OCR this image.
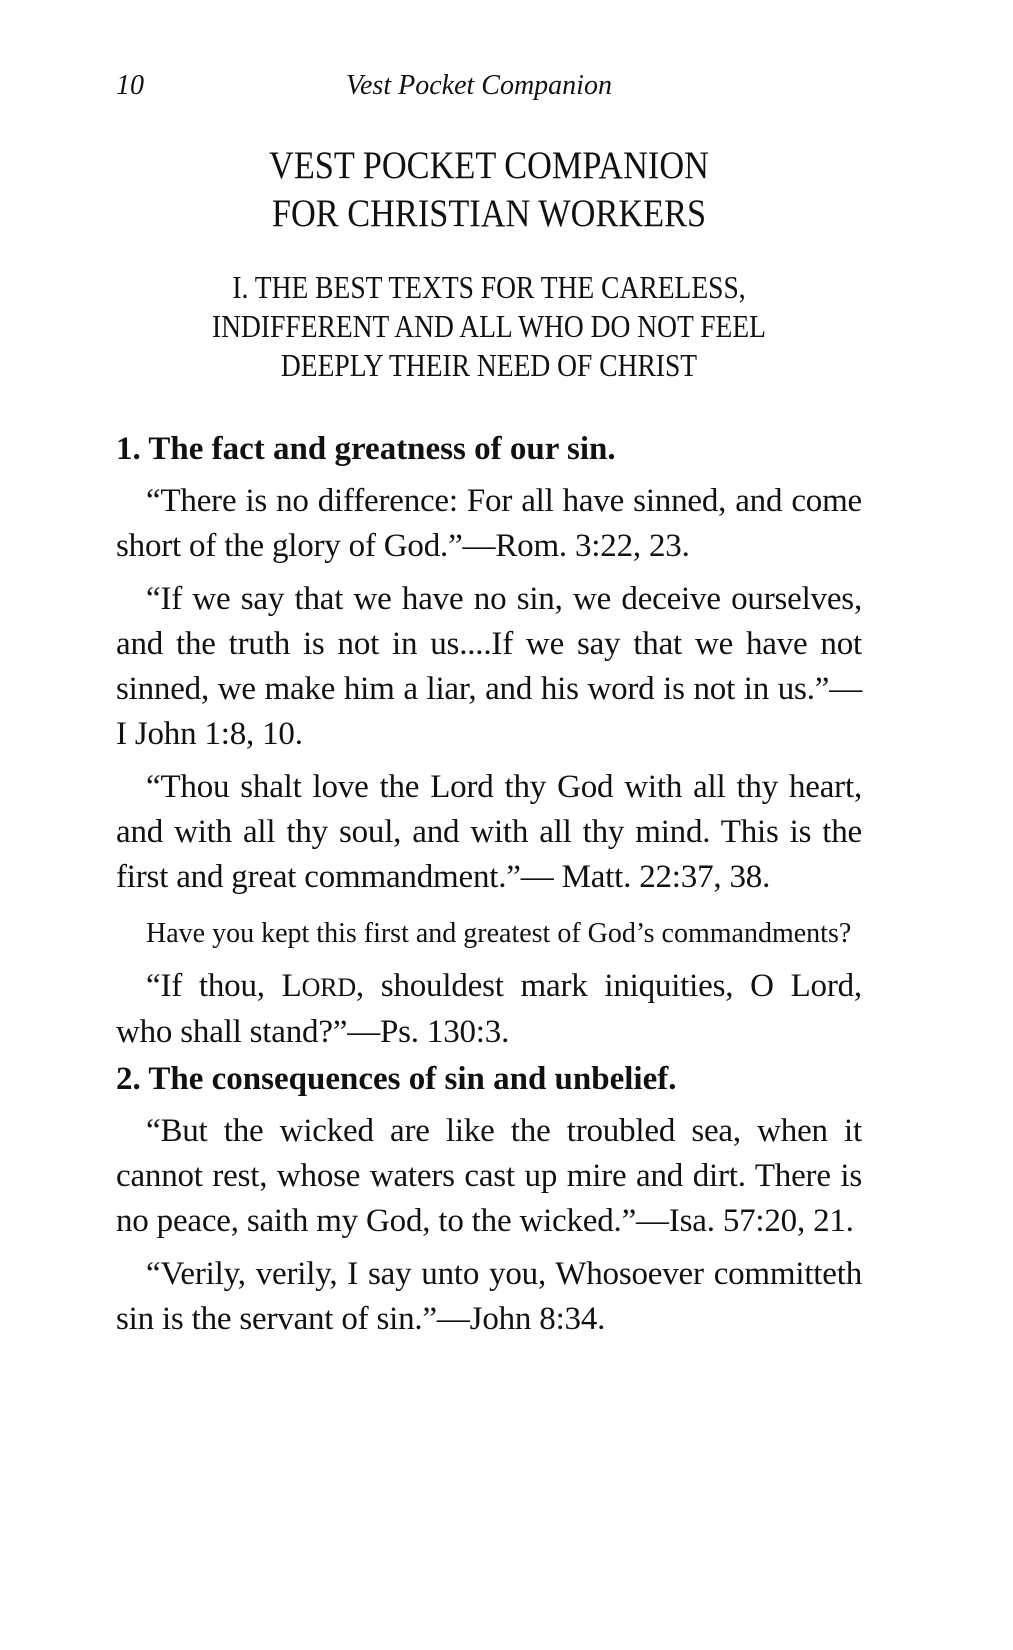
10	Vest Pocket Companion
VEST POCKET COMPANION
FOR CHRISTIAN WORKERS
I. THE BEST TEXTS FOR THE CARELESS,
INDIFFERENT AND ALL WHO DO NOT FEEL
DEEPLY THEIR NEED OF CHRIST

1. The fact and greatness of our sin.

“There is no difference: For all have sinned, and come short of the glory of God.”—Rom. 3:22, 23.

“If we say that we have no sin, we deceive ourselves, and the truth is not in us....If we say that we have not sinned, we make him a liar, and his word is not in us.”—I John 1:8, 10.

“Thou shalt love the Lord thy God with all thy heart, and with all thy soul, and with all thy mind. This is the first and great commandment.”— Matt. 22:37, 38.

Have you kept this first and greatest of God’s commandments?

“If thou, LORD, shouldest mark iniquities, O Lord, who shall stand?”—Ps. 130:3.

2. The consequences of sin and unbelief.

“But the wicked are like the troubled sea, when it cannot rest, whose waters cast up mire and dirt. There is no peace, saith my God, to the wicked.”—Isa. 57:20, 21.

“Verily, verily, I say unto you, Whosoever committeth sin is the servant of sin.”—John 8:34.
